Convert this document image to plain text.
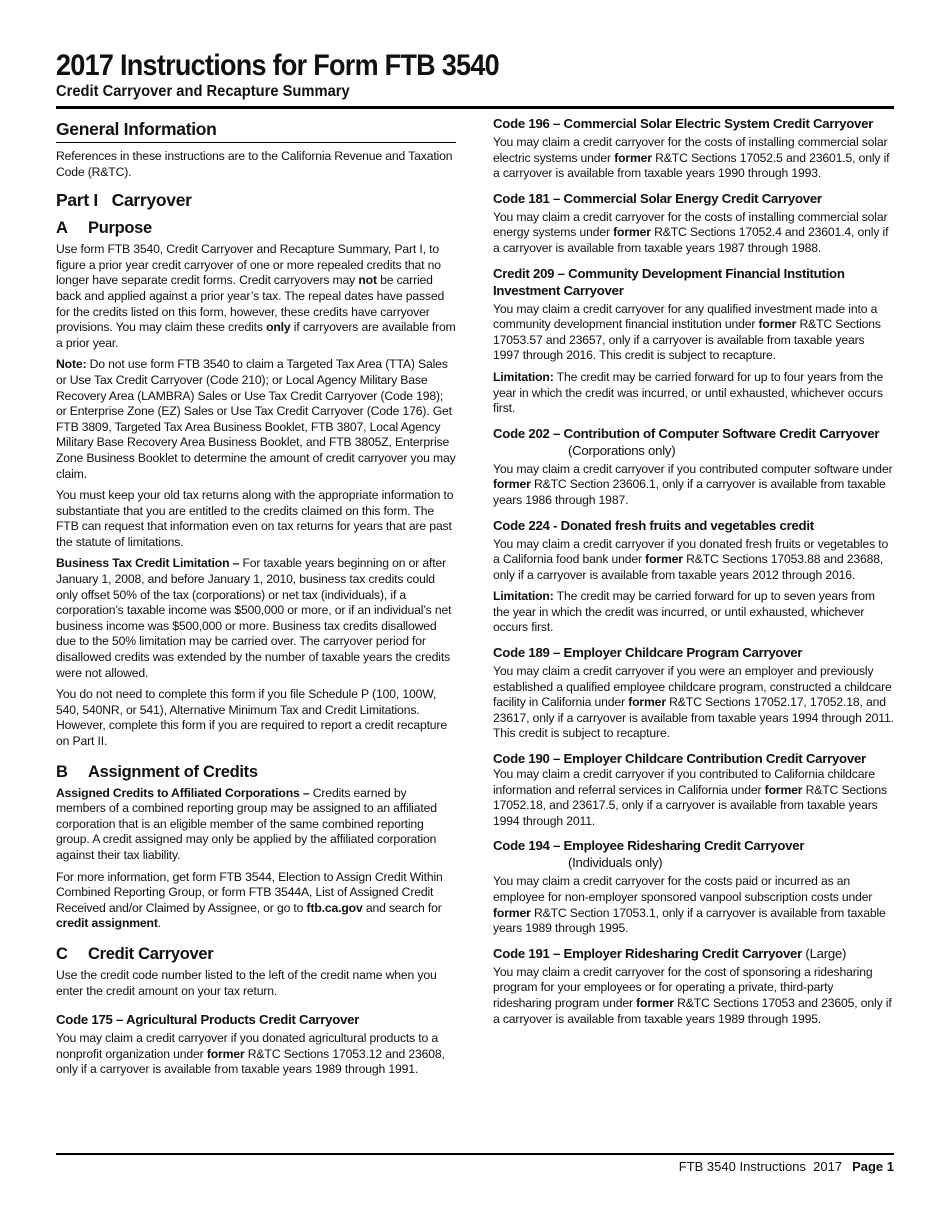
2017 Instructions for Form FTB 3540
Credit Carryover and Recapture Summary
General Information

References in these instructions are to the California Revenue and Taxation Code (R&TC).

Part I   Carryover
A Purpose

Use form FTB 3540, Credit Carryover and Recapture Summary, Part I, to figure a prior year credit carryover of one or more repealed credits that no longer have separate credit forms. Credit carryovers may not be carried back and applied against a prior year’s tax. The repeal dates have passed for the credits listed on this form, however, these credits have carryover provisions. You may claim these credits only if carryovers are available from a prior year.

Note: Do not use form FTB 3540 to claim a Targeted Tax Area (TTA) Sales or Use Tax Credit Carryover (Code 210); or Local Agency Military Base Recovery Area (LAMBRA) Sales or Use Tax Credit Carryover (Code 198); or Enterprise Zone (EZ) Sales or Use Tax Credit Carryover (Code 176). Get FTB 3809, Targeted Tax Area Business Booklet, FTB 3807, Local Agency Military Base Recovery Area Business Booklet, and FTB 3805Z, Enterprise Zone Business Booklet to determine the amount of credit carryover you may claim.

You must keep your old tax returns along with the appropriate information to substantiate that you are entitled to the credits claimed on this form. The FTB can request that information even on tax returns for years that are past the statute of limitations.

Business Tax Credit Limitation – For taxable years beginning on or after January 1, 2008, and before January 1, 2010, business tax credits could only offset 50% of the tax (corporations) or net tax (individuals), if a corporation’s taxable income was $500,000 or more, or if an individual’s net business income was $500,000 or more. Business tax credits disallowed due to the 50% limitation may be carried over. The carryover period for disallowed credits was extended by the number of taxable years the credits were not allowed.

You do not need to complete this form if you file Schedule P (100, 100W, 540, 540NR, or 541), Alternative Minimum Tax and Credit Limitations. However, complete this form if you are required to report a credit recapture on Part II.

B Assignment of Credits

Assigned Credits to Affiliated Corporations – Credits earned by members of a combined reporting group may be assigned to an affiliated corporation that is an eligible member of the same combined reporting group. A credit assigned may only be applied by the affiliated corporation against their tax liability.

For more information, get form FTB 3544, Election to Assign Credit Within Combined Reporting Group, or form FTB 3544A, List of Assigned Credit Received and/or Claimed by Assignee, or go to ftb.ca.gov and search for credit assignment.

C Credit Carryover

Use the credit code number listed to the left of the credit name when you enter the credit amount on your tax return.

Code 175 – Agricultural Products Credit Carryover

You may claim a credit carryover if you donated agricultural products to a nonprofit organization under former R&TC Sections 17053.12 and 23608, only if a carryover is available from taxable years 1989 through 1991.

Code 196 – Commercial Solar Electric System Credit Carryover

You may claim a credit carryover for the costs of installing commercial solar electric systems under former R&TC Sections 17052.5 and 23601.5, only if a carryover is available from taxable years 1990 through 1993.

Code 181 – Commercial Solar Energy Credit Carryover

You may claim a credit carryover for the costs of installing commercial solar energy systems under former R&TC Sections 17052.4 and 23601.4, only if a carryover is available from taxable years 1987 through 1988.

Credit 209 – Community Development Financial Institution Investment Carryover

You may claim a credit carryover for any qualified investment made into a community development financial institution under former R&TC Sections 17053.57 and 23657, only if a carryover is available from taxable years 1997 through 2016. This credit is subject to recapture.

Limitation: The credit may be carried forward for up to four years from the year in which the credit was incurred, or until exhausted, whichever occurs first.

Code 202 – Contribution of Computer Software Credit Carryover
(Corporations only)

You may claim a credit carryover if you contributed computer software under former R&TC Section 23606.1, only if a carryover is available from taxable years 1986 through 1987.

Code 224 - Donated fresh fruits and vegetables credit

You may claim a credit carryover if you donated fresh fruits or vegetables to a California food bank under former R&TC Sections 17053.88 and 23688, only if a carryover is available from taxable years 2012 through 2016.

Limitation: The credit may be carried forward for up to seven years from the year in which the credit was incurred, or until exhausted, whichever occurs first.

Code 189 – Employer Childcare Program Carryover

You may claim a credit carryover if you were an employer and previously established a qualified employee childcare program, constructed a childcare facility in California under former R&TC Sections 17052.17, 17052.18, and 23617, only if a carryover is available from taxable years 1994 through 2011. This credit is subject to recapture.

Code 190 – Employer Childcare Contribution Credit Carryover

You may claim a credit carryover if you contributed to California childcare information and referral services in California under former R&TC Sections 17052.18, and 23617.5, only if a carryover is available from taxable years 1994 through 2011.

Code 194 – Employee Ridesharing Credit Carryover
(Individuals only)

You may claim a credit carryover for the costs paid or incurred as an employee for non-employer sponsored vanpool subscription costs under former R&TC Section 17053.1, only if a carryover is available from taxable years 1989 through 1995.

Code 191 – Employer Ridesharing Credit Carryover (Large)

You may claim a credit carryover for the cost of sponsoring a ridesharing program for your employees or for operating a private, third-party ridesharing program under former R&TC Sections 17053 and 23605, only if a carryover is available from taxable years 1989 through 1995.

FTB 3540 Instructions  2017 Page 1
